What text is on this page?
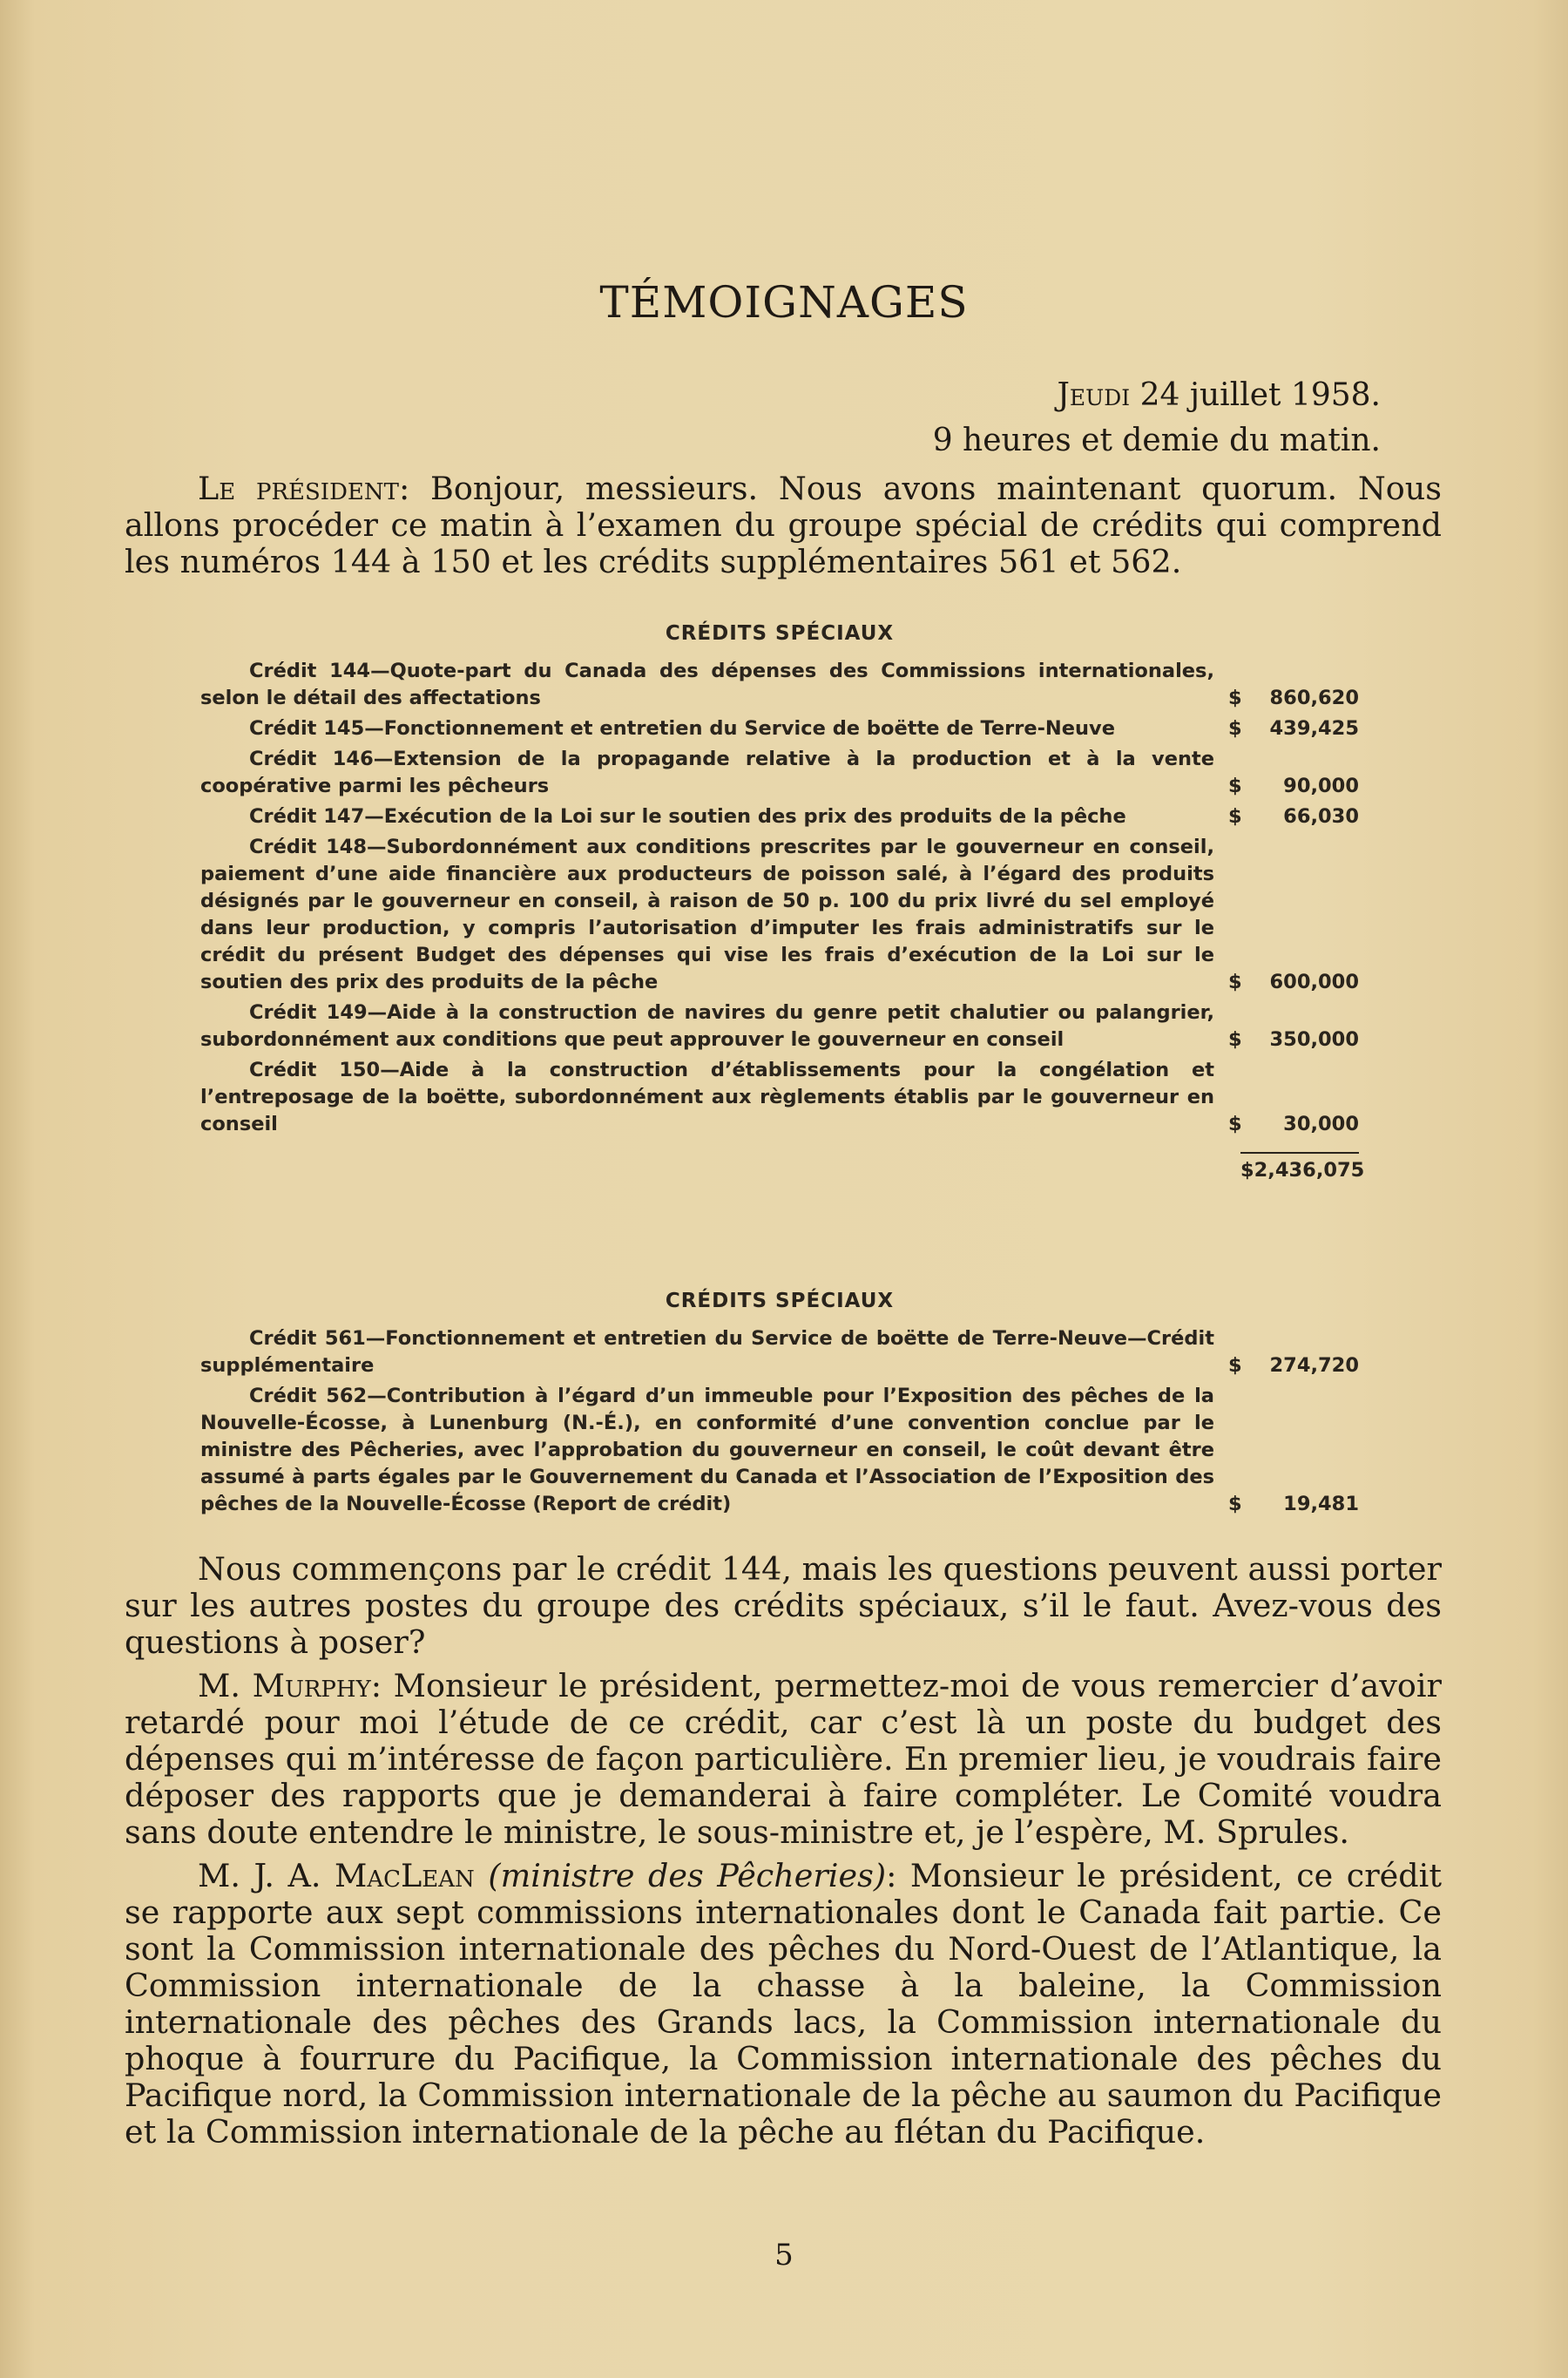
TÉMOIGNAGES
Jeudi 24 juillet 1958.
9 heures et demie du matin.

Le président: Bonjour, messieurs. Nous avons maintenant quorum. Nous allons procéder ce matin à l’examen du groupe spécial de crédits qui comprend les numéros 144 à 150 et les crédits supplémentaires 561 et 562.

CRÉDITS SPÉCIAUX
Crédit 144—Quote-part du Canada des dépenses des Commissions internationales, selon le détail des affectations	$ 860,620
Crédit 145—Fonctionnement et entretien du Service de boëtte de Terre-Neuve	$ 439,425
Crédit 146—Extension de la propagande relative à la production et à la vente coopérative parmi les pêcheurs	$ 90,000
Crédit 147—Exécution de la Loi sur le soutien des prix des produits de la pêche	$ 66,030
Crédit 148—Subordonnément aux conditions prescrites par le gouverneur en conseil, paiement d’une aide financière aux producteurs de poisson salé, à l’égard des produits désignés par le gouverneur en conseil, à raison de 50 p. 100 du prix livré du sel employé dans leur production, y compris l’autorisation d’imputer les frais administratifs sur le crédit du présent Budget des dépenses qui vise les frais d’exécution de la Loi sur le soutien des prix des produits de la pêche	$ 600,000
Crédit 149—Aide à la construction de navires du genre petit chalutier ou palangrier, subordonnément aux conditions que peut approuver le gouverneur en conseil	$ 350,000
Crédit 150—Aide à la construction d’établissements pour la congélation et l’entreposage de la boëtte, subordonnément aux règlements établis par le gouverneur en conseil	$ 30,000
$2,436,075
CRÉDITS SPÉCIAUX
Crédit 561—Fonctionnement et entretien du Service de boëtte de Terre-Neuve—Crédit supplémentaire	$ 274,720
Crédit 562—Contribution à l’égard d’un immeuble pour l’Exposition des pêches de la Nouvelle-Écosse, à Lunenburg (N.-É.), en conformité d’une convention conclue par le ministre des Pêcheries, avec l’approbation du gouverneur en conseil, le coût devant être assumé à parts égales par le Gouvernement du Canada et l’Association de l’Exposition des pêches de la Nouvelle-Écosse (Report de crédit)	$ 19,481

Nous commençons par le crédit 144, mais les questions peuvent aussi porter sur les autres postes du groupe des crédits spéciaux, s’il le faut. Avez-vous des questions à poser?

M. Murphy: Monsieur le président, permettez-moi de vous remercier d’avoir retardé pour moi l’étude de ce crédit, car c’est là un poste du budget des dépenses qui m’intéresse de façon particulière. En premier lieu, je voudrais faire déposer des rapports que je demanderai à faire compléter. Le Comité voudra sans doute entendre le ministre, le sous-ministre et, je l’espère, M. Sprules.

M. J. A. MacLean (ministre des Pêcheries): Monsieur le président, ce crédit se rapporte aux sept commissions internationales dont le Canada fait partie. Ce sont la Commission internationale des pêches du Nord-Ouest de l’Atlantique, la Commission internationale de la chasse à la baleine, la Commission internationale des pêches des Grands lacs, la Commission internationale du phoque à fourrure du Pacifique, la Commission internationale des pêches du Pacifique nord, la Commission internationale de la pêche au saumon du Pacifique et la Commission internationale de la pêche au flétan du Pacifique.

5
